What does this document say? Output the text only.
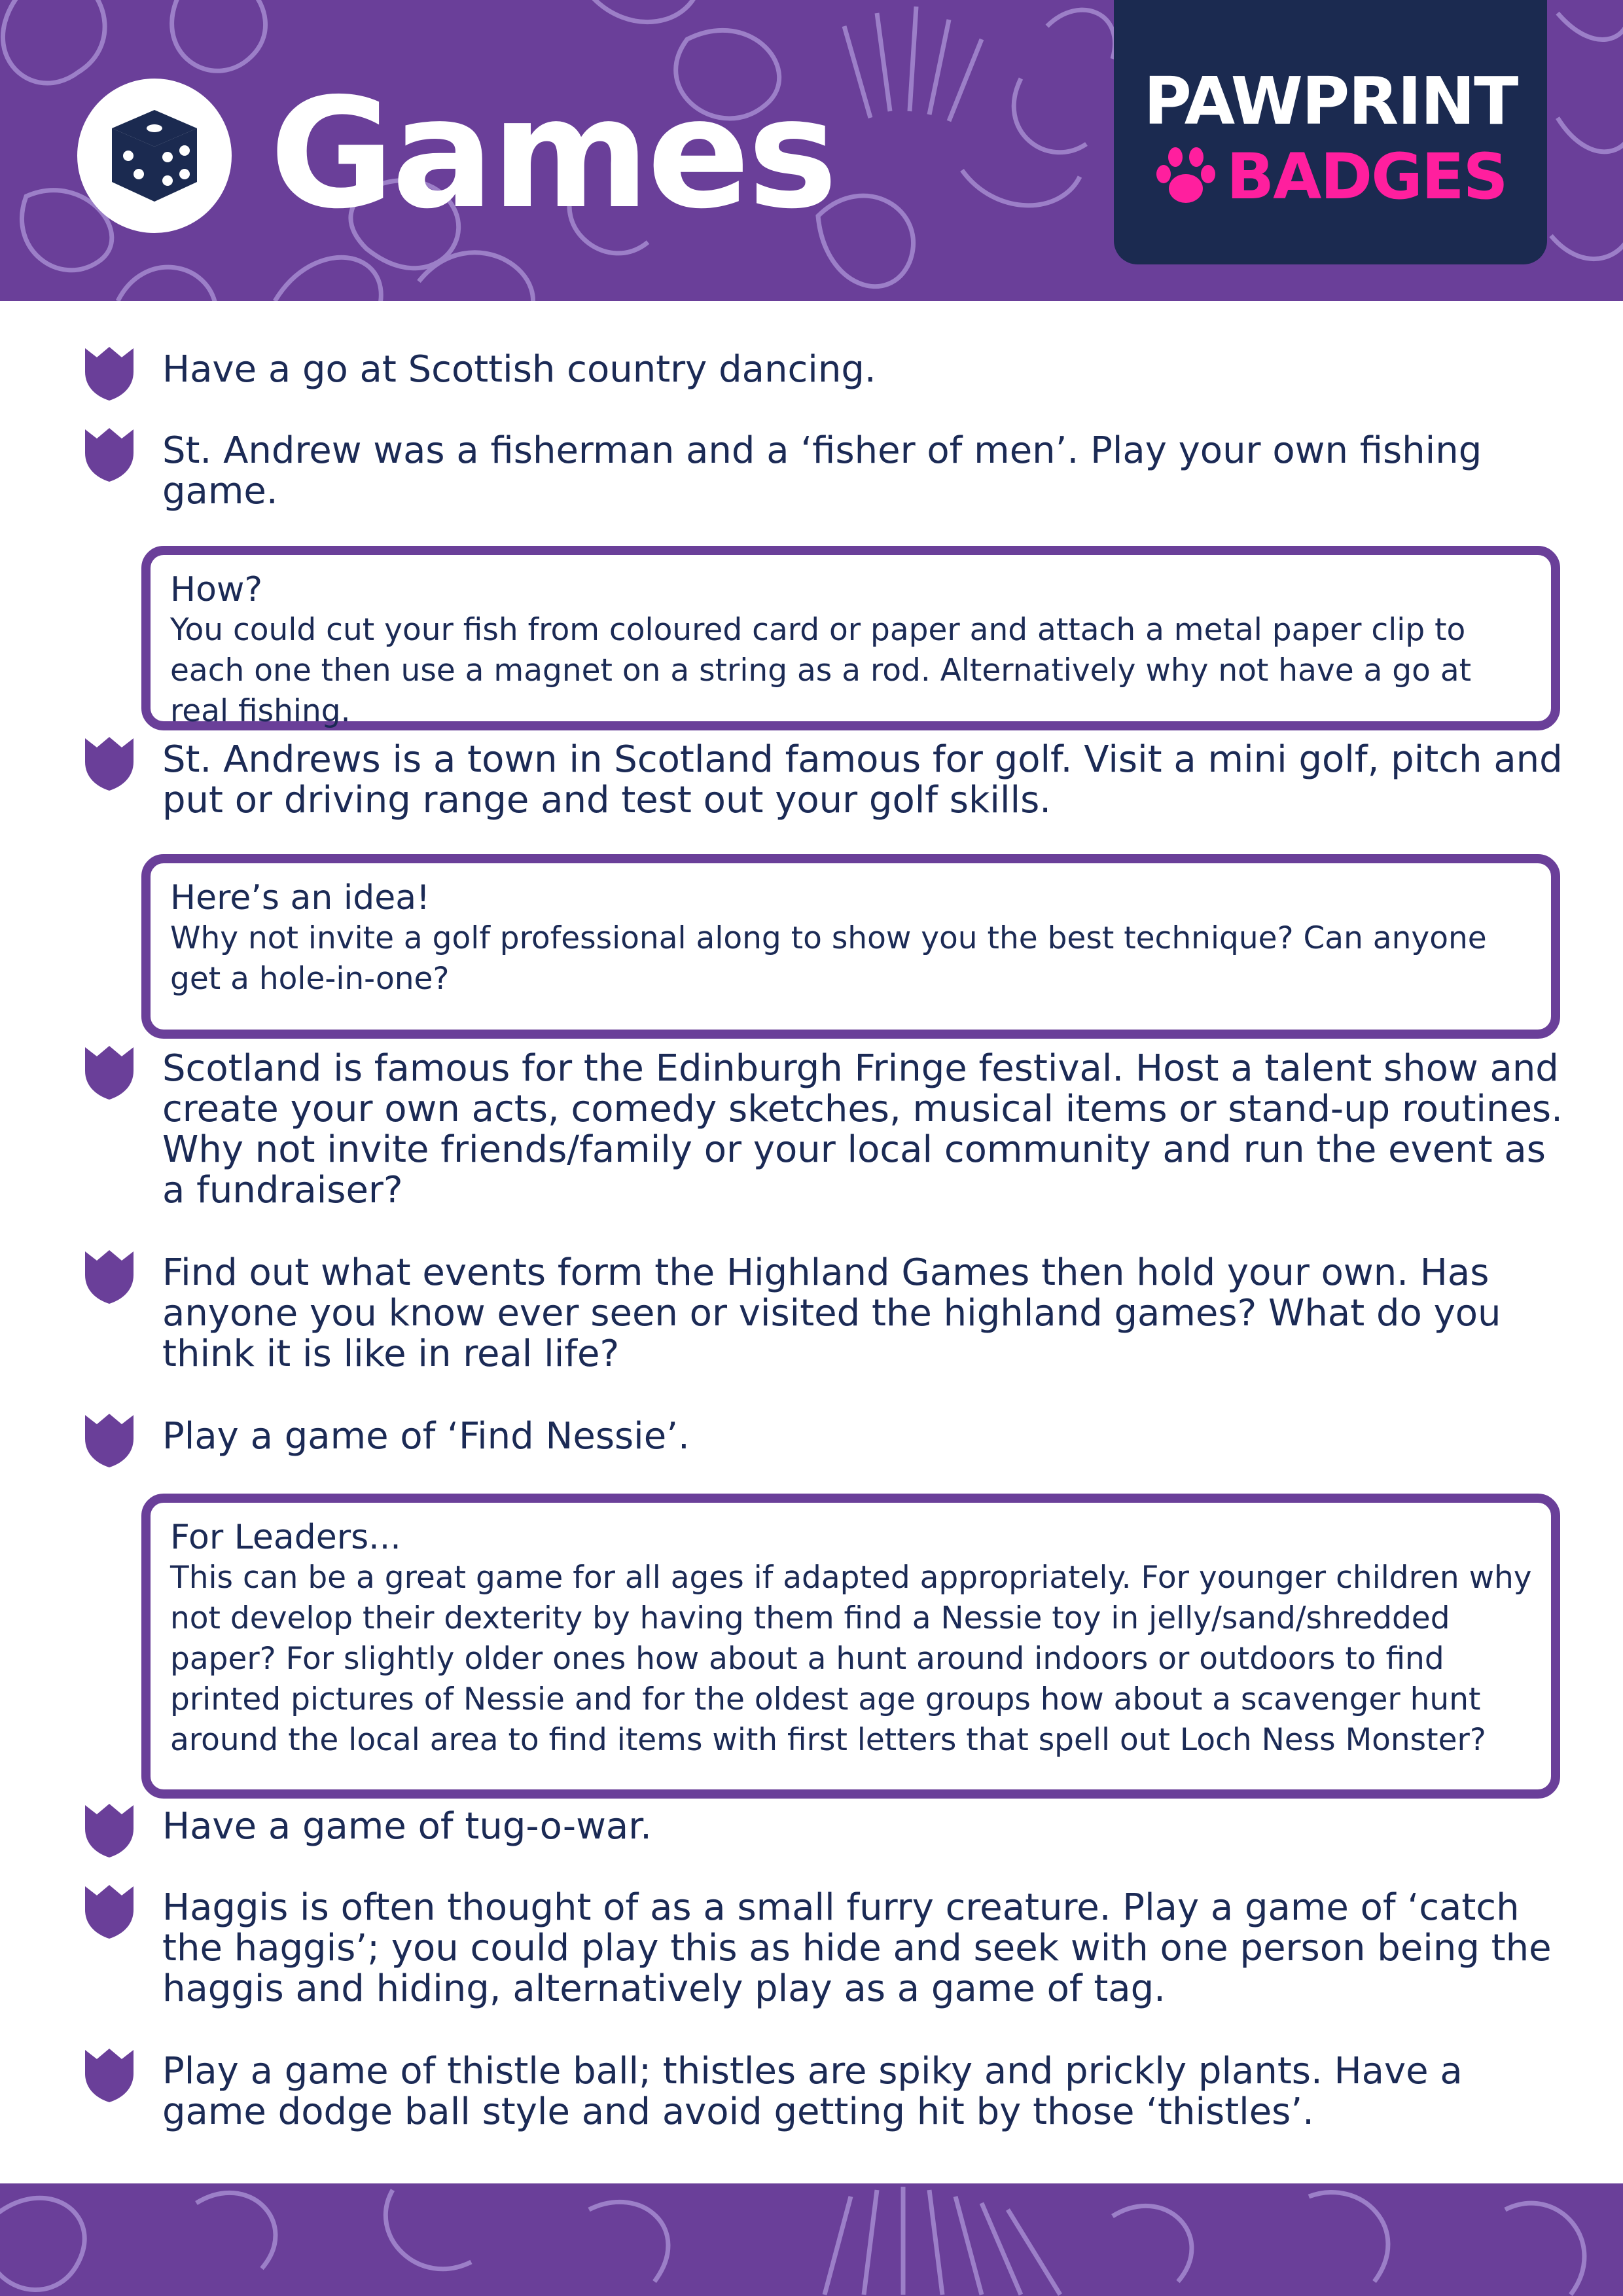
Games	PAWPRINT
BADGES
Have a go at Scottish country dancing.
St. Andrew was a fisherman and a ‘fisher of men’. Play your own fishing game.
How?
You could cut your fish from coloured card or paper and attach a metal paper clip to each one then use a magnet on a string as a rod. Alternatively why not have a go at real fishing.
St. Andrews is a town in Scotland famous for golf. Visit a mini golf, pitch and put or driving range and test out your golf skills.
Here’s an idea!
Why not invite a golf professional along to show you the best technique? Can anyone get a hole-in-one?
Scotland is famous for the Edinburgh Fringe festival. Host a talent show and create your own acts, comedy sketches, musical items or stand-up routines. Why not invite friends/family or your local community and run the event as a fundraiser?
Find out what events form the Highland Games then hold your own. Has anyone you know ever seen or visited the highland games? What do you think it is like in real life?
Play a game of ‘Find Nessie’.
For Leaders...
This can be a great game for all ages if adapted appropriately. For younger children why not develop their dexterity by having them find a Nessie toy in jelly/sand/shredded paper? For slightly older ones how about a hunt around indoors or outdoors to find printed pictures of Nessie and for the oldest age groups how about a scavenger hunt around the local area to find items with first letters that spell out Loch Ness Monster?
Have a game of tug-o-war.
Haggis is often thought of as a small furry creature. Play a game of ‘catch the haggis’; you could play this as hide and seek with one person being the haggis and hiding, alternatively play as a game of tag.
Play a game of thistle ball; thistles are spiky and prickly plants. Have a game dodge ball style and avoid getting hit by those ‘thistles’.
